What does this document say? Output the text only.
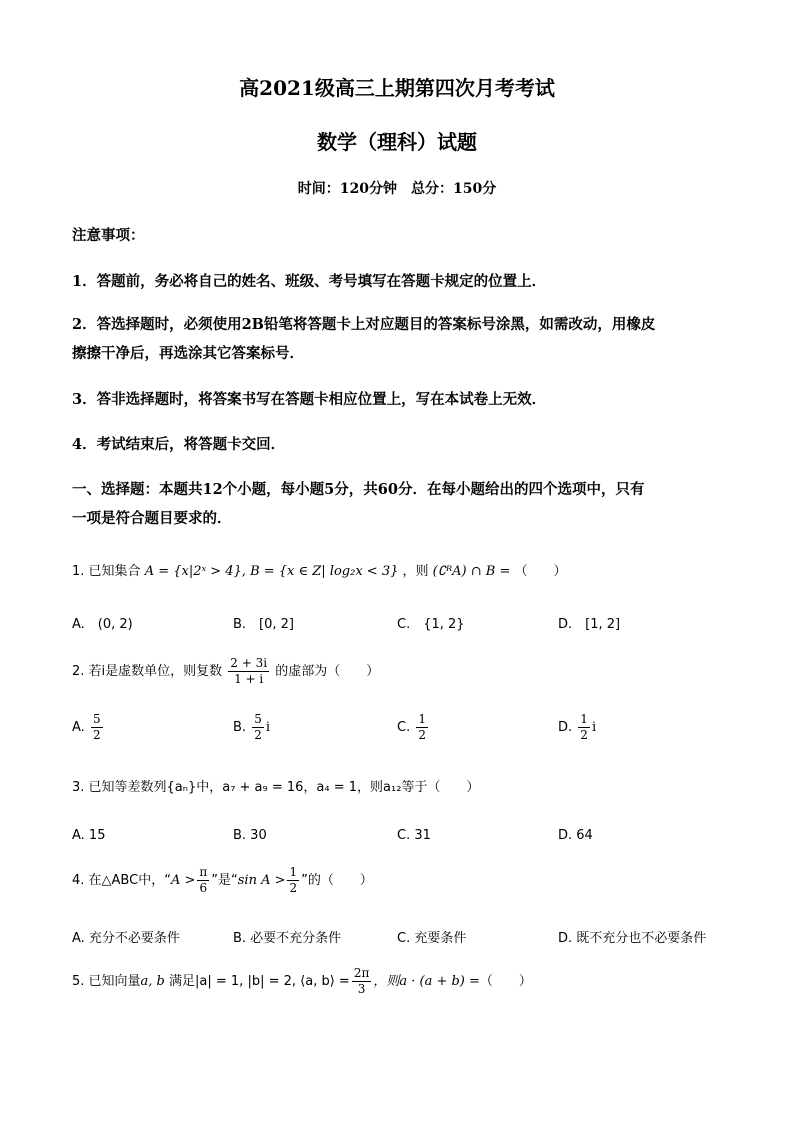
高2021级高三上期第四次月考考试
数学（理科）试题
时间：120分钟　总分：150分
注意事项：
1．答题前，务必将自己的姓名、班级、考号填写在答题卡规定的位置上．
2．答选择题时，必须使用2B铅笔将答题卡上对应题目的答案标号涂黑，如需改动，用橡皮
擦擦干净后，再选涂其它答案标号．
3．答非选择题时，将答案书写在答题卡相应位置上，写在本试卷上无效．
4．考试结束后，将答题卡交回．
一、选择题：本题共12个小题，每小题5分，共60分．在每小题给出的四个选项中，只有
一项是符合题目要求的．
1. 已知集合 A = {x|2ˣ > 4}, B = {x ∈ Z| log₂x < 3} ，则 (∁ᴿA) ∩ B = （　　）
A.　(0, 2)	B.　[0, 2]	C.　{1, 2}	D.　[1, 2]
2. 若i是虚数单位，则复数 $\frac{2 + 3i}{1 + i}$ 的虚部为（　　）
A. $\frac{5}{2}$	B. $\frac{5}{2}$ i	C. $\frac{1}{2}$	D. $\frac{1}{2}$ i
3. 已知等差数列{aₙ}中，a₇ + a₉ = 16，a₄ = 1，则a₁₂等于（　　）
A. 15	B. 30	C. 31	D. 64
4. 在△ABC中，“$A > \frac{\pi}{6}$ ”是“sin $A > \frac{1}{2}$ ”的（　　）
A. 充分不必要条件	B. 必要不充分条件	C. 充要条件	D. 既不充分也不必要条件
5. 已知向量a, b 满足|a| = 1, |b| = 2, ⟨a, b⟩ = $\frac{2\pi}{3}$ ，则a · (a + b) =（　　）
